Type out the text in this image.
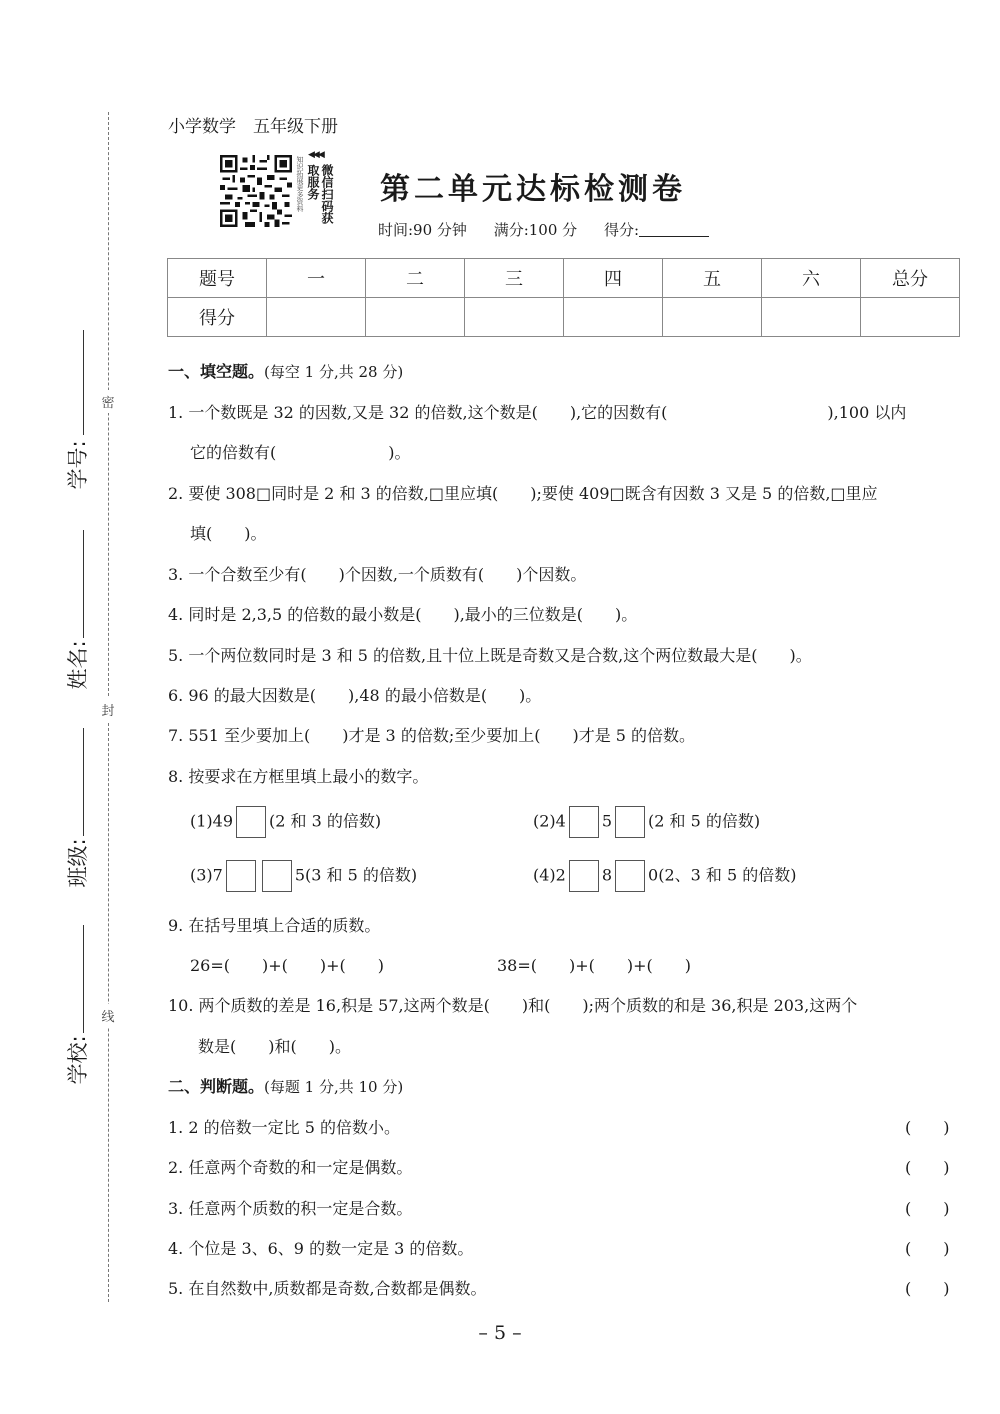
密
封
线
学号:
姓名:
班级:
学校:
小学数学　五年级下册
知识拓展更多资料
◀◀◀
微信扫码获取服务	第二单元达标检测卷
时间:90 分钟 满分:100 分 得分:
题号	一	二	三	四	五	六	总分
得分							
一、填空题。(每空 1 分,共 28 分)
1. 一个数既是 32 的因数,又是 32 的倍数,这个数是(　　),它的因数有(　　　　　　　　　　),100 以内
它的倍数有(　　　　　　　)。
2. 要使 308□同时是 2 和 3 的倍数,□里应填(　　);要使 409□既含有因数 3 又是 5 的倍数,□里应
填(　　)。
3. 一个合数至少有(　　)个因数,一个质数有(　　)个因数。
4. 同时是 2,3,5 的倍数的最小数是(　　),最小的三位数是(　　)。
5. 一个两位数同时是 3 和 5 的倍数,且十位上既是奇数又是合数,这个两位数最大是(　　)。
6. 96 的最大因数是(　　),48 的最小倍数是(　　)。
7. 551 至少要加上(　　)才是 3 的倍数;至少要加上(　　)才是 5 的倍数。
8. 按要求在方框里填上最小的数字。
(1)49 (2 和 3 的倍数)	(2)4 5 (2 和 5 的倍数)
(3)7	5(3 和 5 的倍数)	(4)2 8 0(2、3 和 5 的倍数)
9. 在括号里填上合适的质数。
26=(　　)+(　　)+(　　)	38=(　　)+(　　)+(　　)
10. 两个质数的差是 16,积是 57,这两个数是(　　)和(　　);两个质数的和是 36,积是 203,这两个
数是(　　)和(　　)。
二、判断题。(每题 1 分,共 10 分)
1. 2 的倍数一定比 5 的倍数小。	(　　)
2. 任意两个奇数的和一定是偶数。	(　　)
3. 任意两个质数的积一定是合数。	(　　)
4. 个位是 3、6、9 的数一定是 3 的倍数。	(　　)
5. 在自然数中,质数都是奇数,合数都是偶数。	(　　)
– 5 –
